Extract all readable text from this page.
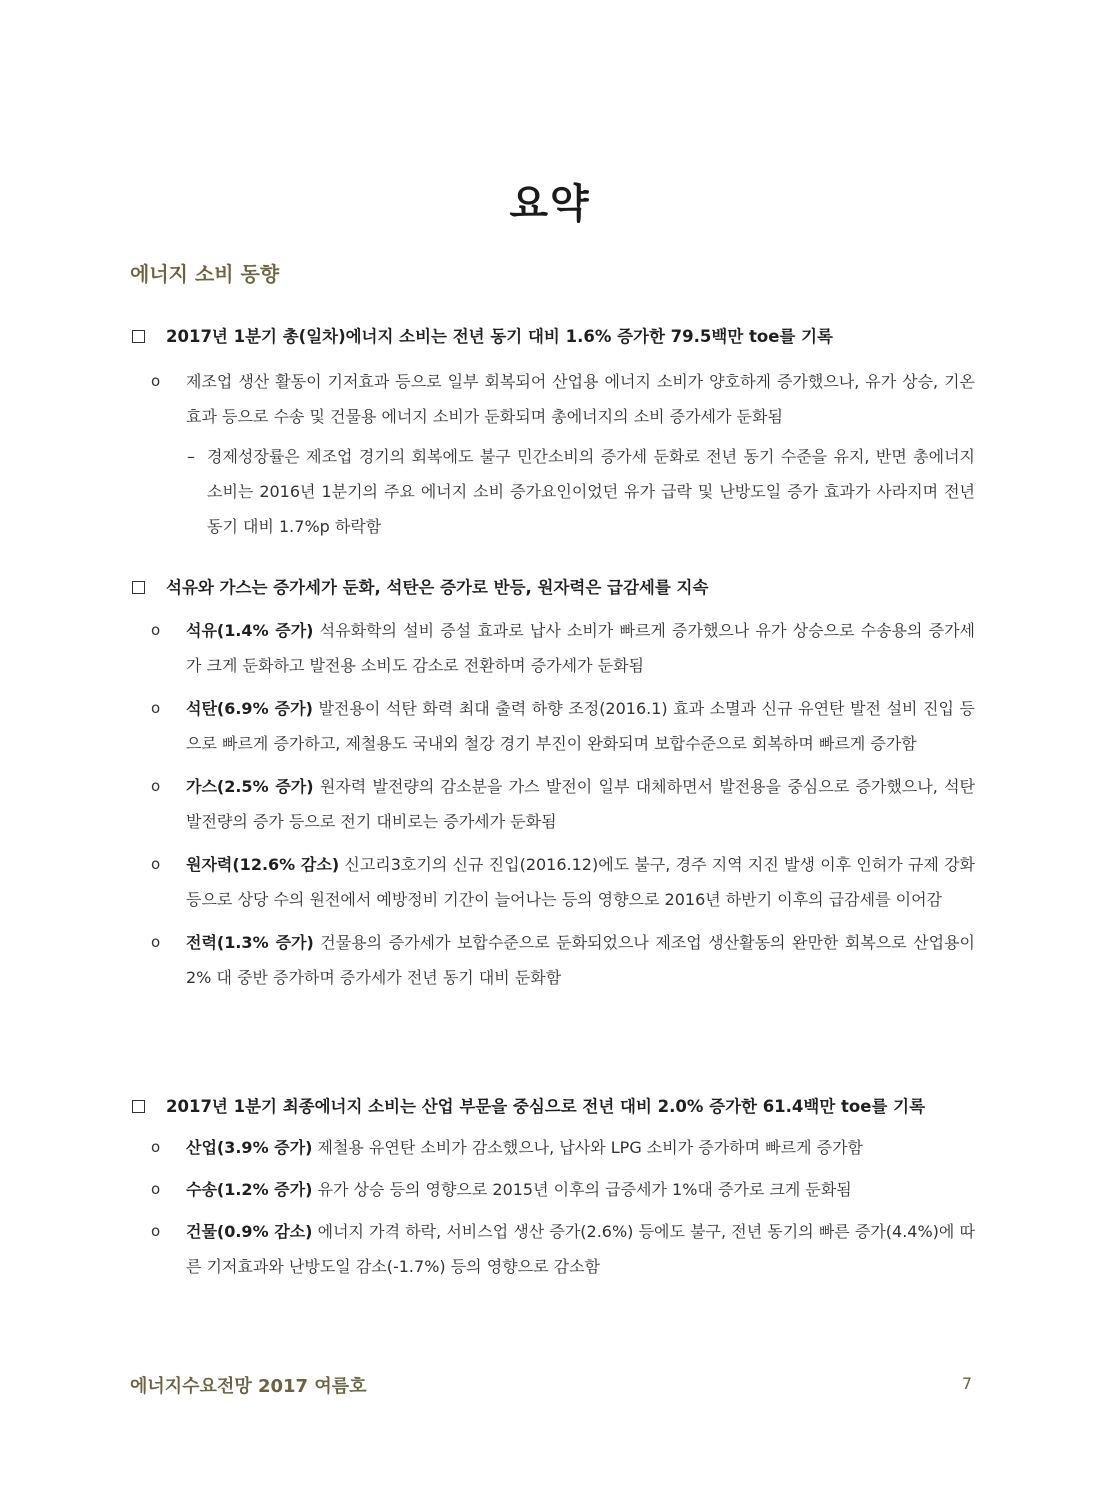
요약
에너지 소비 동향
2017년 1분기 총(일차)에너지 소비는 전년 동기 대비 1.6% 증가한 79.5백만 toe를 기록
ο 제조업 생산 활동이 기저효과 등으로 일부 회복되어 산업용 에너지 소비가 양호하게 증가했으나, 유가 상승, 기온 효과 등으로 수송 및 건물용 에너지 소비가 둔화되며 총에너지의 소비 증가세가 둔화됨
– 경제성장률은 제조업 경기의 회복에도 불구 민간소비의 증가세 둔화로 전년 동기 수준을 유지, 반면 총에너지 소비는 2016년 1분기의 주요 에너지 소비 증가요인이었던 유가 급락 및 난방도일 증가 효과가 사라지며 전년 동기 대비 1.7%p 하락함
석유와 가스는 증가세가 둔화, 석탄은 증가로 반등, 원자력은 급감세를 지속
ο 석유(1.4% 증가) 석유화학의 설비 증설 효과로 납사 소비가 빠르게 증가했으나 유가 상승으로 수송용의 증가세가 크게 둔화하고 발전용 소비도 감소로 전환하며 증가세가 둔화됨
ο 석탄(6.9% 증가) 발전용이 석탄 화력 최대 출력 하향 조정(2016.1) 효과 소멸과 신규 유연탄 발전 설비 진입 등으로 빠르게 증가하고, 제철용도 국내외 철강 경기 부진이 완화되며 보합수준으로 회복하며 빠르게 증가함
ο 가스(2.5% 증가) 원자력 발전량의 감소분을 가스 발전이 일부 대체하면서 발전용을 중심으로 증가했으나, 석탄 발전량의 증가 등으로 전기 대비로는 증가세가 둔화됨
ο 원자력(12.6% 감소) 신고리3호기의 신규 진입(2016.12)에도 불구, 경주 지역 지진 발생 이후 인허가 규제 강화 등으로 상당 수의 원전에서 예방정비 기간이 늘어나는 등의 영향으로 2016년 하반기 이후의 급감세를 이어감
ο 전력(1.3% 증가) 건물용의 증가세가 보합수준으로 둔화되었으나 제조업 생산활동의 완만한 회복으로 산업용이 2% 대 중반 증가하며 증가세가 전년 동기 대비 둔화함
2017년 1분기 최종에너지 소비는 산업 부문을 중심으로 전년 대비 2.0% 증가한 61.4백만 toe를 기록
ο 산업(3.9% 증가) 제철용 유연탄 소비가 감소했으나, 납사와 LPG 소비가 증가하며 빠르게 증가함
ο 수송(1.2% 증가) 유가 상승 등의 영향으로 2015년 이후의 급증세가 1%대 증가로 크게 둔화됨
ο 건물(0.9% 감소) 에너지 가격 하락, 서비스업 생산 증가(2.6%) 등에도 불구, 전년 동기의 빠른 증가(4.4%)에 따른 기저효과와 난방도일 감소(-1.7%) 등의 영향으로 감소함
에너지수요전망 2017 여름호	7
